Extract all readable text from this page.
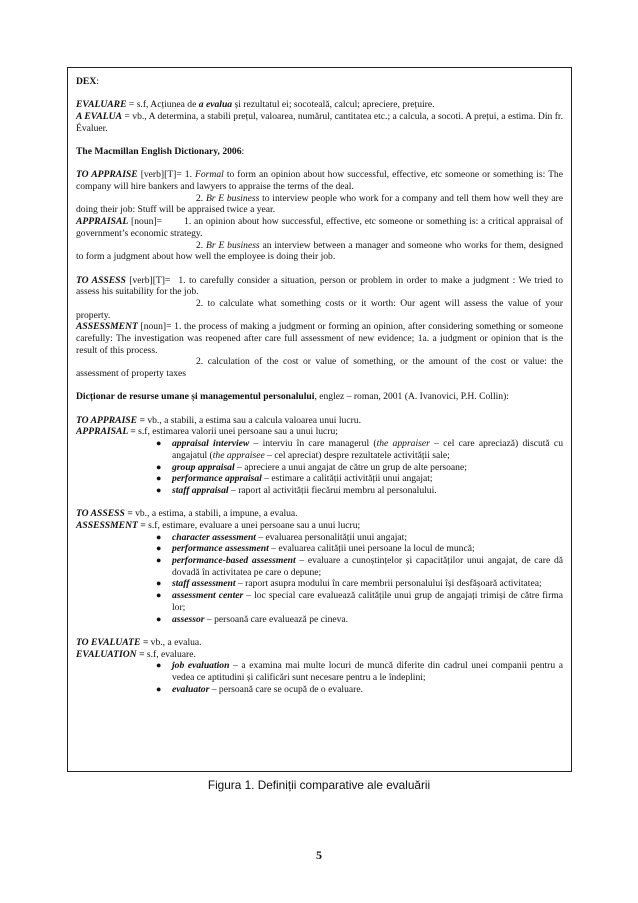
DEX:

EVALUARE = s.f, Acțiunea de a evalua și rezultatul ei; socoteală, calcul; apreciere, prețuire.

A EVALUA = vb., A determina, a stabili prețul, valoarea, numărul, cantitatea etc.; a calcula, a socoti. A prețui, a estima. Din fr. Évaluer.

The Macmillan English Dictionary, 2006:

TO APPRAISE [verb][T]= 1. Formal to form an opinion about how successful, effective, etc someone or something is: The company will hire bankers and lawyers to appraise the terms of the deal.

2. Br E business to interview people who work for a company and tell them how well they are doing their job: Stuff will be appraised twice a year.

APPRAISAL [noun]= 1. an opinion about how successful, effective, etc someone or something is: a critical appraisal of government’s economic strategy.

2. Br E business an interview between a manager and someone who works for them, designed to form a judgment about how well the employee is doing their job.

TO ASSESS [verb][T]= 1. to carefully consider a situation, person or problem in order to make a judgment : We tried to assess his suitability for the job.

2. to calculate what something costs or it worth: Our agent will assess the value of your property.

ASSESSMENT [noun]= 1. the process of making a judgment or forming an opinion, after considering something or someone carefully: The investigation was reopened after care full assessment of new evidence; 1a. a judgment or opinion that is the result of this process.

2. calculation of the cost or value of something, or the amount of the cost or value: the assessment of property taxes

Dicționar de resurse umane și managementul personalului, englez – roman, 2001 (A. Ivanovici, P.H. Collin):

TO APPRAISE = vb., a stabili, a estima sau a calcula valoarea unui lucru.

APPRAISAL = s.f, estimarea valorii unei persoane sau a unui lucru;

● appraisal interview – interviu în care managerul (the appraiser – cel care apreciază) discută cu angajatul (the appraisee – cel apreciat) despre rezultatele activității sale;
● group appraisal – apreciere a unui angajat de către un grup de alte persoane;
● performance appraisal – estimare a calității activității unui angajat;
● staff appraisal – raport al activității fiecărui membru al personalului.

TO ASSESS = vb., a estima, a stabili, a impune, a evalua.

ASSESSMENT = s.f, estimare, evaluare a unei persoane sau a unui lucru;

● character assessment – evaluarea personalității unui angajat;
● performance assessment – evaluarea calității unei persoane la locul de muncă;
● performance-based assessment – evaluare a cunoștințelor și capacităților unui angajat, de care dă dovadă în activitatea pe care o depune;
● staff assessment – raport asupra modului în care membrii personalului își desfășoară activitatea;
● assessment center – loc special care evaluează calitățile unui grup de angajați trimiși de către firma lor;
● assessor – persoană care evaluează pe cineva.

TO EVALUATE = vb., a evalua.

EVALUATION = s.f, evaluare.

● job evaluation – a examina mai multe locuri de muncă diferite din cadrul unei companii pentru a vedea ce aptitudini și calificări sunt necesare pentru a le îndeplini;
● evaluator – persoană care se ocupă de o evaluare.
Figura 1. Definiții comparative ale evaluării
5
